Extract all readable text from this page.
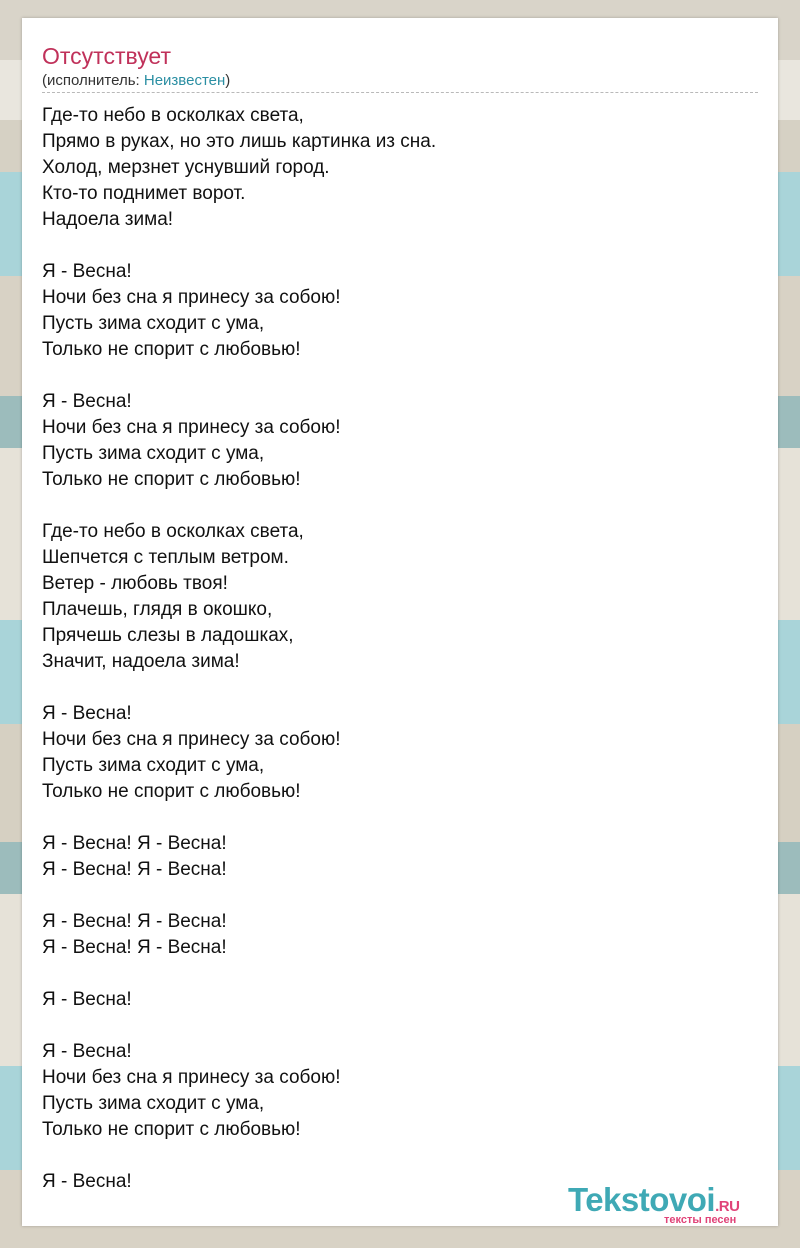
Отсутствует
(исполнитель: Неизвестен)
Где-то небо в осколках света,
Прямо в руках, но это лишь картинка из сна.
Холод, мерзнет уснувший город.
Кто-то поднимет ворот.
Надоела зима!
Я - Весна!
Ночи без сна я принесу за собою!
Пусть зима сходит с ума,
Только не спорит с любовью!
Я - Весна!
Ночи без сна я принесу за собою!
Пусть зима сходит с ума,
Только не спорит с любовью!
Где-то небо в осколках света,
Шепчется с теплым ветром.
Ветер - любовь твоя!
Плачешь, глядя в окошко,
Прячешь слезы в ладошках,
Значит, надоела зима!
Я - Весна!
Ночи без сна я принесу за собою!
Пусть зима сходит с ума,
Только не спорит с любовью!
Я - Весна! Я - Весна!
Я - Весна! Я - Весна!
Я - Весна! Я - Весна!
Я - Весна! Я - Весна!
Я - Весна!
Я - Весна!
Ночи без сна я принесу за собою!
Пусть зима сходит с ума,
Только не спорит с любовью!
Я - Весна!	Tekstovoi.RU
тексты песен
